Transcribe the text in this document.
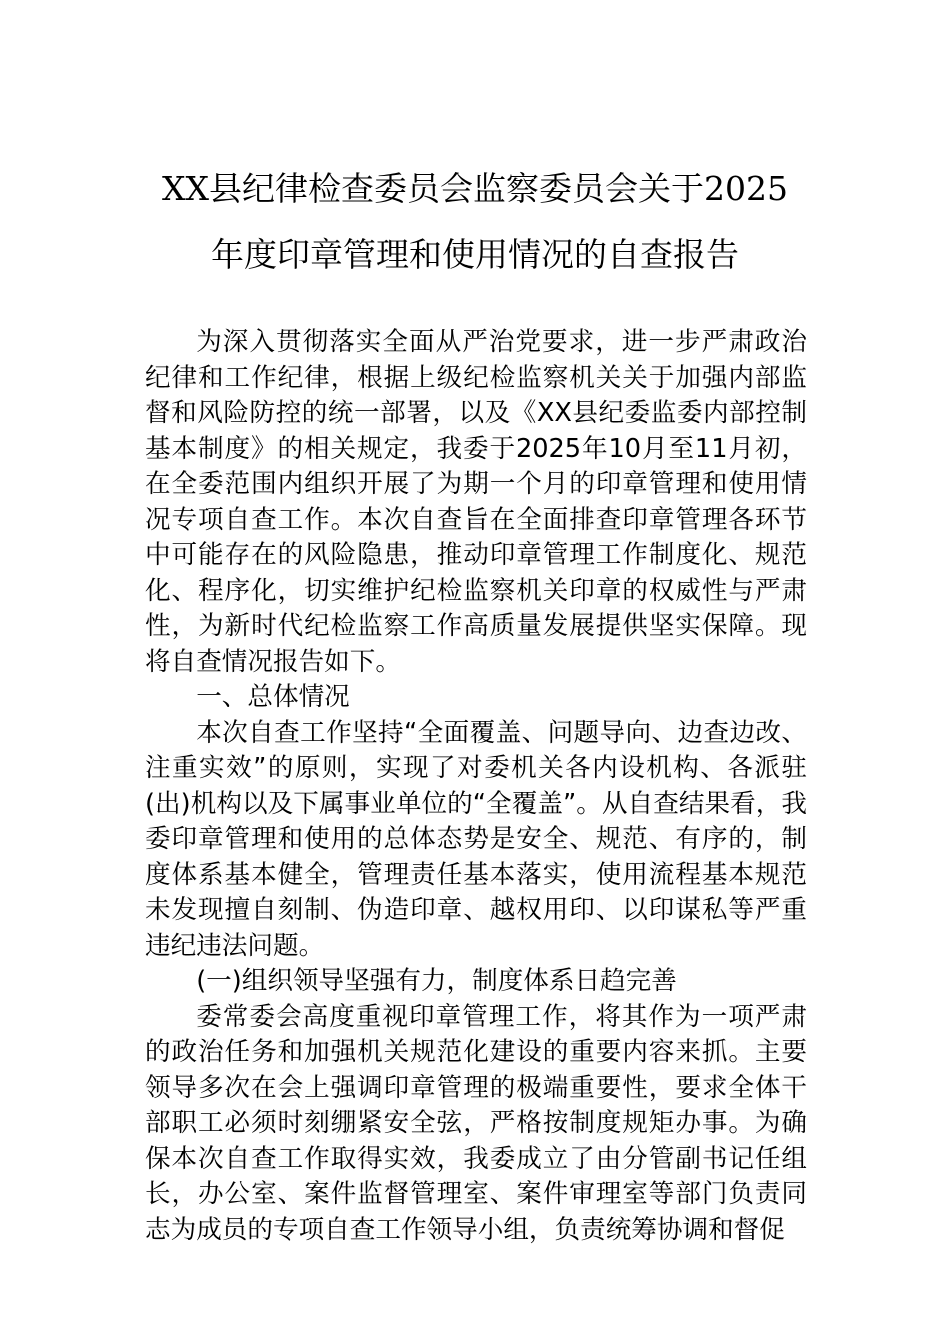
XX县纪律检查委员会监察委员会关于2025
年度印章管理和使用情况的自查报告

为深入贯彻落实全面从严治党要求，进一步严肃政治纪律和工作纪律，根据上级纪检监察机关关于加强内部监督和风险防控的统一部署，以及《XX县纪委监委内部控制基本制度》的相关规定，我委于2025年10月至11月初，在全委范围内组织开展了为期一个月的印章管理和使用情况专项自查工作。本次自查旨在全面排查印章管理各环节中可能存在的风险隐患，推动印章管理工作制度化、规范化、程序化，切实维护纪检监察机关印章的权威性与严肃性，为新时代纪检监察工作高质量发展提供坚实保障。现将自查情况报告如下。

一、总体情况

本次自查工作坚持“全面覆盖、问题导向、边查边改、注重实效”的原则，实现了对委机关各内设机构、各派驻(出)机构以及下属事业单位的“全覆盖”。从自查结果看，我委印章管理和使用的总体态势是安全、规范、有序的，制度体系基本健全，管理责任基本落实，使用流程基本规范未发现擅自刻制、伪造印章、越权用印、以印谋私等严重违纪违法问题。

(一)组织领导坚强有力，制度体系日趋完善

委常委会高度重视印章管理工作，将其作为一项严肃的政治任务和加强机关规范化建设的重要内容来抓。主要领导多次在会上强调印章管理的极端重要性，要求全体干部职工必须时刻绷紧安全弦，严格按制度规矩办事。为确保本次自查工作取得实效，我委成立了由分管副书记任组长，办公室、案件监督管理室、案件审理室等部门负责同志为成员的专项自查工作领导小组，负责统筹协调和督促
